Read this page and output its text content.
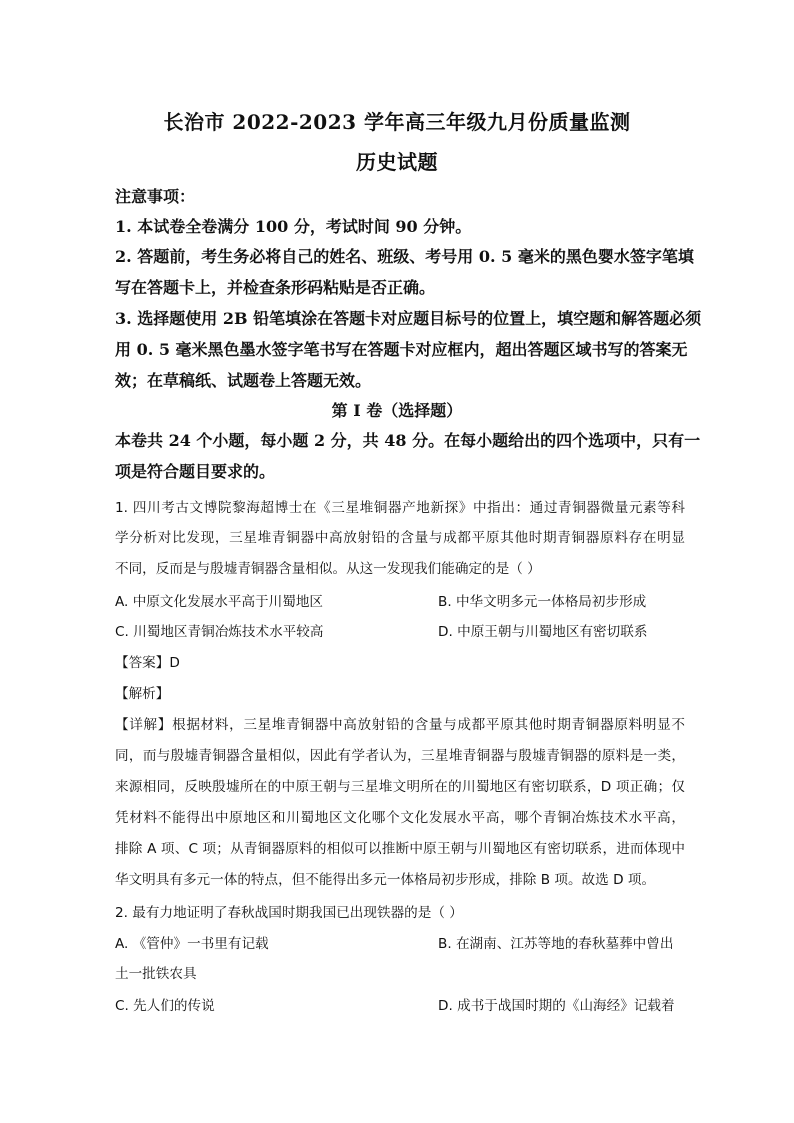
长治市 2022-2023 学年高三年级九月份质量监测
历史试题
注意事项：
1. 本试卷全卷满分 100 分，考试时间 90 分钟。
2. 答题前，考生务必将自己的姓名、班级、考号用 0. 5 毫米的黑色婴水签字笔填
写在答题卡上，并检查条形码粘贴是否正确。
3. 选择题使用 2B 铅笔填涂在答题卡对应题目标号的位置上，填空题和解答题必须
用 0. 5 毫米黑色墨水签字笔书写在答题卡对应框内，超出答题区域书写的答案无
效；在草稿纸、试题卷上答题无效。
第 I 卷（选择题）
本卷共 24 个小题，每小题 2 分，共 48 分。在每小题给出的四个选项中，只有一
项是符合题目要求的。
1. 四川考古文博院黎海超博士在《三星堆铜器产地新探》中指出：通过青铜器微量元素等科
学分析对比发现，三星堆青铜器中高放射铅的含量与成都平原其他时期青铜器原料存在明显
不同，反而是与殷墟青铜器含量相似。从这一发现我们能确定的是（ ）
A. 中原文化发展水平高于川蜀地区	B. 中华文明多元一体格局初步形成
C. 川蜀地区青铜冶炼技术水平较高	D. 中原王朝与川蜀地区有密切联系
【答案】D
【解析】
【详解】根据材料，三星堆青铜器中高放射铅的含量与成都平原其他时期青铜器原料明显不
同，而与殷墟青铜器含量相似，因此有学者认为，三星堆青铜器与殷墟青铜器的原料是一类，
来源相同，反映殷墟所在的中原王朝与三星堆文明所在的川蜀地区有密切联系，D 项正确；仅
凭材料不能得出中原地区和川蜀地区文化哪个文化发展水平高，哪个青铜冶炼技术水平高，
排除 A 项、C 项；从青铜器原料的相似可以推断中原王朝与川蜀地区有密切联系，进而体现中
华文明具有多元一体的特点，但不能得出多元一体格局初步形成，排除 B 项。故选 D 项。
2. 最有力地证明了春秋战国时期我国已出现铁器的是（ ）
A. 《管仲》一书里有记载	B. 在湖南、江苏等地的春秋墓葬中曾出
土一批铁农具
C. 先人们的传说	D. 成书于战国时期的《山海经》记载着
